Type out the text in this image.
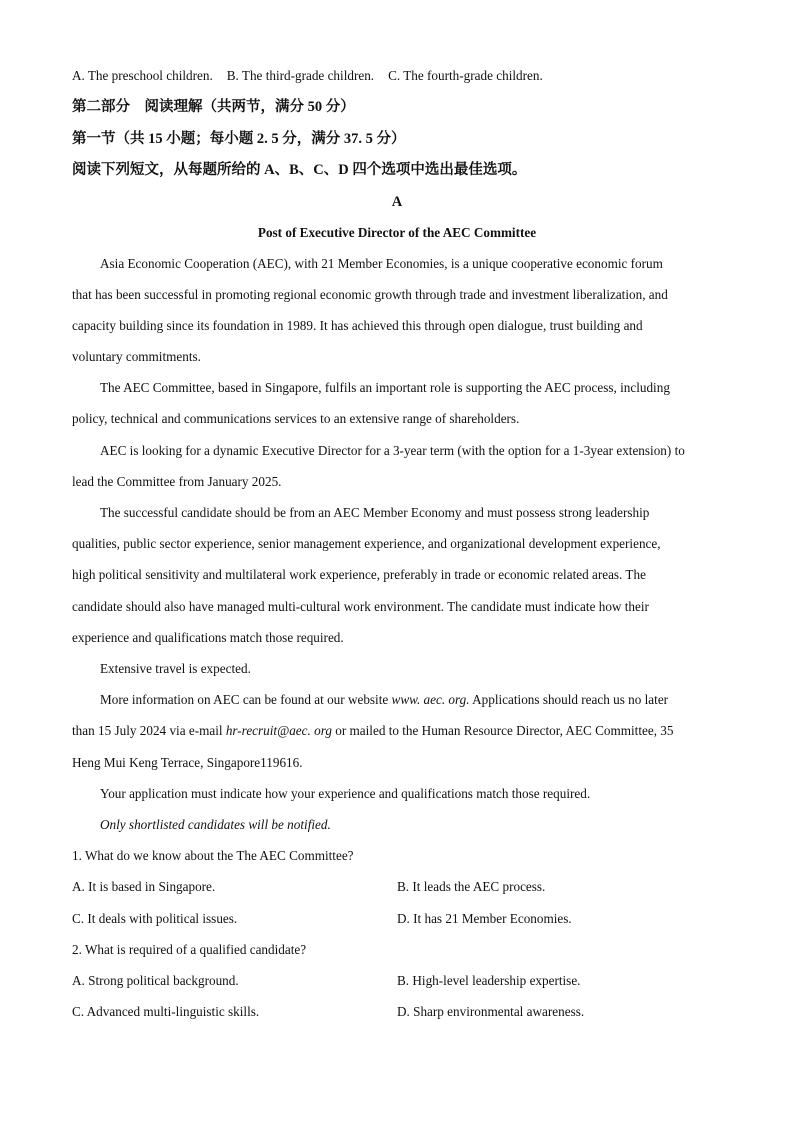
A. The preschool children. B. The third-grade children. C. The fourth-grade children.
第二部分　阅读理解（共两节，满分 50 分）
第一节（共 15 小题；每小题 2. 5 分，满分 37. 5 分）
阅读下列短文，从每题所给的 A、B、C、D 四个选项中选出最佳选项。
A
Post of Executive Director of the AEC Committee
Asia Economic Cooperation (AEC), with 21 Member Economies, is a unique cooperative economic forum
that has been successful in promoting regional economic growth through trade and investment liberalization, and
capacity building since its foundation in 1989. It has achieved this through open dialogue, trust building and
voluntary commitments.
The AEC Committee, based in Singapore, fulfils an important role is supporting the AEC process, including
policy, technical and communications services to an extensive range of shareholders.
AEC is looking for a dynamic Executive Director for a 3-year term (with the option for a 1-3year extension) to
lead the Committee from January 2025.
The successful candidate should be from an AEC Member Economy and must possess strong leadership
qualities, public sector experience, senior management experience, and organizational development experience,
high political sensitivity and multilateral work experience, preferably in trade or economic related areas. The
candidate should also have managed multi-cultural work environment. The candidate must indicate how their
experience and qualifications match those required.
Extensive travel is expected.
More information on AEC can be found at our website www. aec. org. Applications should reach us no later
than 15 July 2024 via e-mail hr-recruit@aec. org or mailed to the Human Resource Director, AEC Committee, 35
Heng Mui Keng Terrace, Singapore119616.
Your application must indicate how your experience and qualifications match those required.
Only shortlisted candidates will be notified.
1. What do we know about the The AEC Committee?
A. It is based in Singapore.	B. It leads the AEC process.
C. It deals with political issues.	D. It has 21 Member Economies.
2. What is required of a qualified candidate?
A. Strong political background.	B. High-level leadership expertise.
C. Advanced multi-linguistic skills.	D. Sharp environmental awareness.
